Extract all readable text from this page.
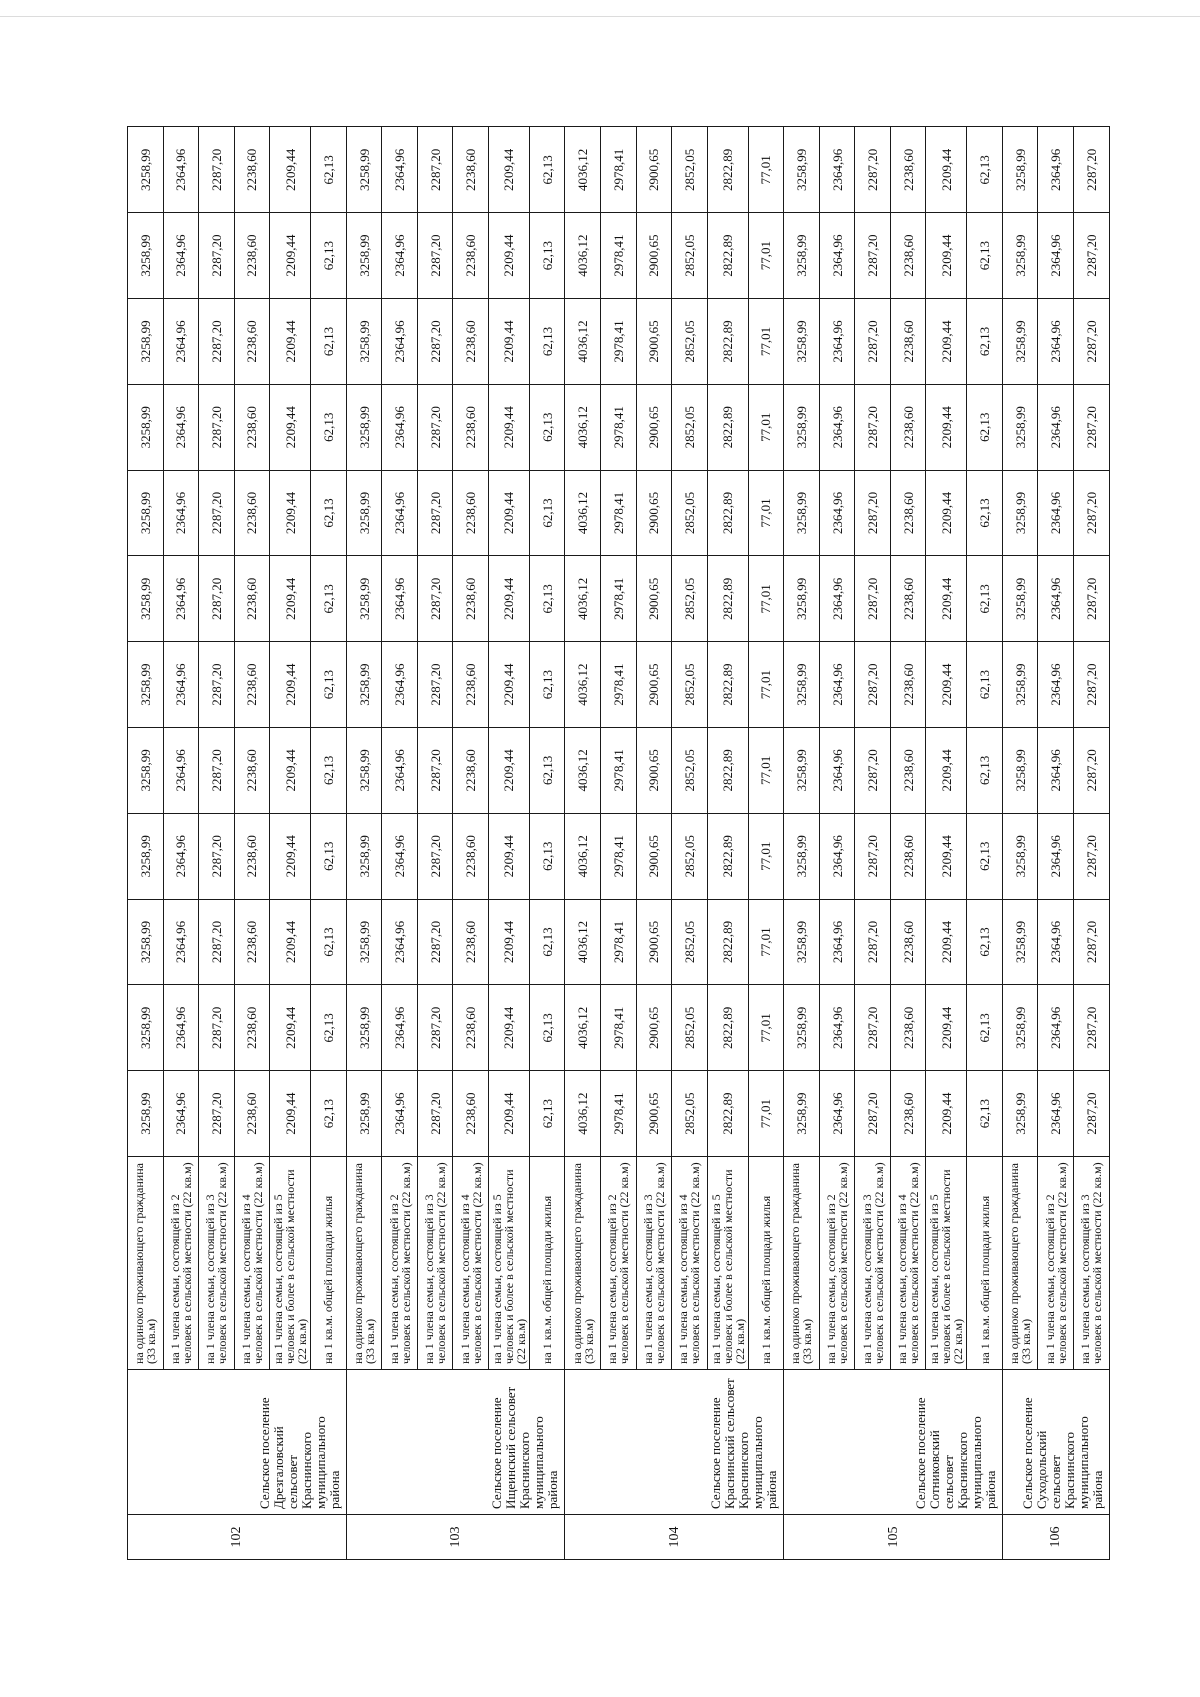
102	Сельское поселение Дрезгаловский сельсовет Краснинского муниципального района	на одиноко проживающего гражданина (33 кв.м)	3258,99	3258,99	3258,99	3258,99	3258,99	3258,99	3258,99	3258,99	3258,99	3258,99	3258,99	3258,99
		на 1 члена семьи, состоящей из 2 человек в сельской местности (22 кв.м)	2364,96	2364,96	2364,96	2364,96	2364,96	2364,96	2364,96	2364,96	2364,96	2364,96	2364,96	2364,96
		на 1 члена семьи, состоящей из 3 человек в сельской местности (22 кв.м)	2287,20	2287,20	2287,20	2287,20	2287,20	2287,20	2287,20	2287,20	2287,20	2287,20	2287,20	2287,20
		на 1 члена семьи, состоящей из 4 человек в сельской местности (22 кв.м)	2238,60	2238,60	2238,60	2238,60	2238,60	2238,60	2238,60	2238,60	2238,60	2238,60	2238,60	2238,60
		на 1 члена семьи, состоящей из 5 человек и более в сельской местности (22 кв.м)	2209,44	2209,44	2209,44	2209,44	2209,44	2209,44	2209,44	2209,44	2209,44	2209,44	2209,44	2209,44
		на 1 кв.м. общей площади жилья	62,13	62,13	62,13	62,13	62,13	62,13	62,13	62,13	62,13	62,13	62,13	62,13
103	Сельское поселение Ищеинский сельсовет Краснинского муниципального района	на одиноко проживающего гражданина (33 кв.м)	3258,99	3258,99	3258,99	3258,99	3258,99	3258,99	3258,99	3258,99	3258,99	3258,99	3258,99	3258,99
		на 1 члена семьи, состоящей из 2 человек в сельской местности (22 кв.м)	2364,96	2364,96	2364,96	2364,96	2364,96	2364,96	2364,96	2364,96	2364,96	2364,96	2364,96	2364,96
		на 1 члена семьи, состоящей из 3 человек в сельской местности (22 кв.м)	2287,20	2287,20	2287,20	2287,20	2287,20	2287,20	2287,20	2287,20	2287,20	2287,20	2287,20	2287,20
		на 1 члена семьи, состоящей из 4 человек в сельской местности (22 кв.м)	2238,60	2238,60	2238,60	2238,60	2238,60	2238,60	2238,60	2238,60	2238,60	2238,60	2238,60	2238,60
		на 1 члена семьи, состоящей из 5 человек и более в сельской местности (22 кв.м)	2209,44	2209,44	2209,44	2209,44	2209,44	2209,44	2209,44	2209,44	2209,44	2209,44	2209,44	2209,44
		на 1 кв.м. общей площади жилья	62,13	62,13	62,13	62,13	62,13	62,13	62,13	62,13	62,13	62,13	62,13	62,13
104	Сельское поселение Краснинский сельсовет Краснинского муниципального района	на одиноко проживающего гражданина (33 кв.м)	4036,12	4036,12	4036,12	4036,12	4036,12	4036,12	4036,12	4036,12	4036,12	4036,12	4036,12	4036,12
		на 1 члена семьи, состоящей из 2 человек в сельской местности (22 кв.м)	2978,41	2978,41	2978,41	2978,41	2978,41	2978,41	2978,41	2978,41	2978,41	2978,41	2978,41	2978,41
		на 1 члена семьи, состоящей из 3 человек в сельской местности (22 кв.м)	2900,65	2900,65	2900,65	2900,65	2900,65	2900,65	2900,65	2900,65	2900,65	2900,65	2900,65	2900,65
		на 1 члена семьи, состоящей из 4 человек в сельской местности (22 кв.м)	2852,05	2852,05	2852,05	2852,05	2852,05	2852,05	2852,05	2852,05	2852,05	2852,05	2852,05	2852,05
		на 1 члена семьи, состоящей из 5 человек и более в сельской местности (22 кв.м)	2822,89	2822,89	2822,89	2822,89	2822,89	2822,89	2822,89	2822,89	2822,89	2822,89	2822,89	2822,89
		на 1 кв.м. общей площади жилья	77,01	77,01	77,01	77,01	77,01	77,01	77,01	77,01	77,01	77,01	77,01	77,01
105	Сельское поселение Сотниковский сельсовет Краснинского муниципального района	на одиноко проживающего гражданина (33 кв.м)	3258,99	3258,99	3258,99	3258,99	3258,99	3258,99	3258,99	3258,99	3258,99	3258,99	3258,99	3258,99
		на 1 члена семьи, состоящей из 2 человек в сельской местности (22 кв.м)	2364,96	2364,96	2364,96	2364,96	2364,96	2364,96	2364,96	2364,96	2364,96	2364,96	2364,96	2364,96
		на 1 члена семьи, состоящей из 3 человек в сельской местности (22 кв.м)	2287,20	2287,20	2287,20	2287,20	2287,20	2287,20	2287,20	2287,20	2287,20	2287,20	2287,20	2287,20
		на 1 члена семьи, состоящей из 4 человек в сельской местности (22 кв.м)	2238,60	2238,60	2238,60	2238,60	2238,60	2238,60	2238,60	2238,60	2238,60	2238,60	2238,60	2238,60
		на 1 члена семьи, состоящей из 5 человек и более в сельской местности (22 кв.м)	2209,44	2209,44	2209,44	2209,44	2209,44	2209,44	2209,44	2209,44	2209,44	2209,44	2209,44	2209,44
		на 1 кв.м. общей площади жилья	62,13	62,13	62,13	62,13	62,13	62,13	62,13	62,13	62,13	62,13	62,13	62,13
106	Сельское поселение Суходольский сельсовет Краснинского муниципального района	на одиноко проживающего гражданина (33 кв.м)	3258,99	3258,99	3258,99	3258,99	3258,99	3258,99	3258,99	3258,99	3258,99	3258,99	3258,99	3258,99
		на 1 члена семьи, состоящей из 2 человек в сельской местности (22 кв.м)	2364,96	2364,96	2364,96	2364,96	2364,96	2364,96	2364,96	2364,96	2364,96	2364,96	2364,96	2364,96
		на 1 члена семьи, состоящей из 3 человек в сельской местности (22 кв.м)	2287,20	2287,20	2287,20	2287,20	2287,20	2287,20	2287,20	2287,20	2287,20	2287,20	2287,20	2287,20
